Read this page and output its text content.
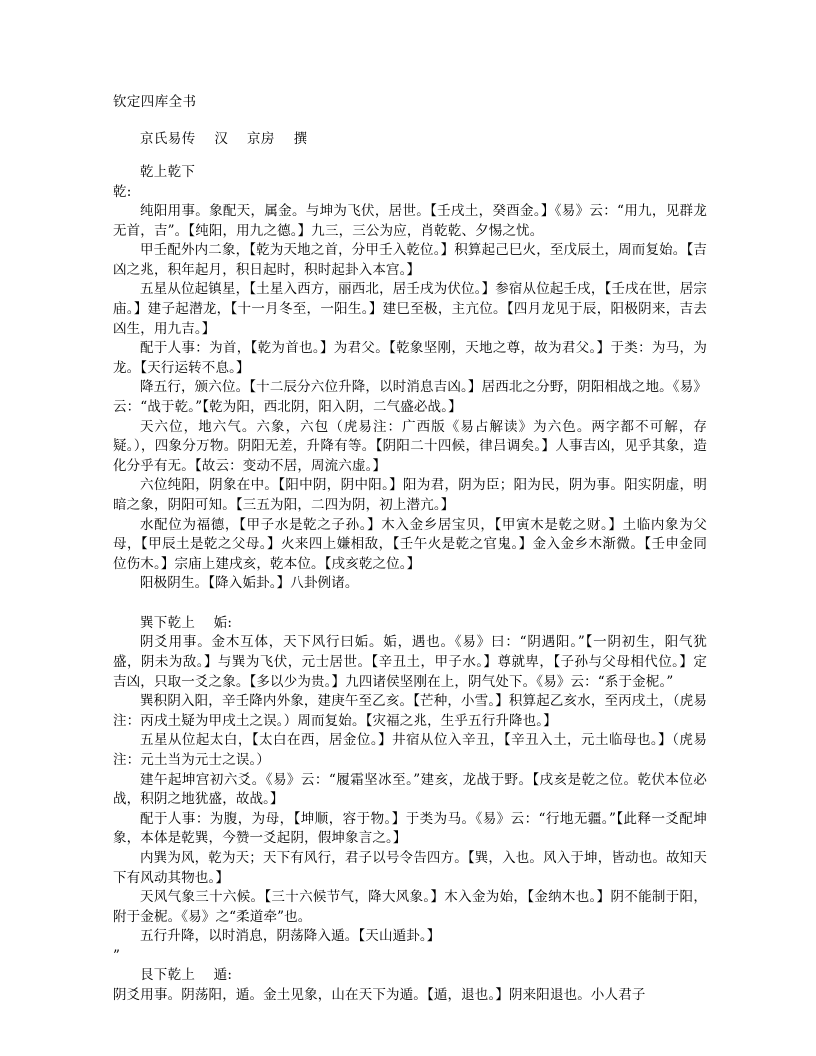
钦定四库全书
京氏易传    汉    京房    撰
乾上乾下
乾:

纯阳用事。象配天，属金。与坤为飞伏，居世。【壬戌土，癸酉金。】《易》云：“用九，见群龙无首，吉”。【纯阳，用九之德。】九三，三公为应，肖乾乾、夕惕之忧。

甲壬配外内二象，【乾为天地之首，分甲壬入乾位。】积算起己巳火，至戊辰土，周而复始。【吉凶之兆，积年起月，积日起时，积时起卦入本宫。】

五星从位起镇星，【土星入西方，丽西北，居壬戌为伏位。】参宿从位起壬戌，【壬戌在世，居宗庙。】建子起潜龙，【十一月冬至，一阳生。】建巳至极，主亢位。【四月龙见于辰，阳极阴来，吉去凶生，用九吉。】

配于人事：为首，【乾为首也。】为君父。【乾象坚刚，天地之尊，故为君父。】于类：为马，为龙。【天行运转不息。】

降五行，颁六位。【十二辰分六位升降，以时消息吉凶。】居西北之分野，阴阳相战之地。《易》云：“战于乾。”【乾为阳，西北阴，阳入阴，二气盛必战。】

天六位，地六气。六象，六包（虎易注：广西版《易占解读》为六色。两字都不可解，存疑。），四象分万物。阴阳无差，升降有等。【阴阳二十四候，律吕调矣。】人事吉凶，见乎其象，造化分乎有无。【故云：变动不居，周流六虚。】

六位纯阳，阴象在中。【阳中阴，阴中阳。】阳为君，阴为臣；阳为民，阴为事。阳实阴虚，明暗之象，阴阳可知。【三五为阳，二四为阴，初上潜亢。】

水配位为福德，【甲子水是乾之子孙。】木入金乡居宝贝，【甲寅木是乾之财。】土临内象为父母，【甲辰土是乾之父母。】火来四上嫌相敌，【壬午火是乾之官鬼。】金入金乡木渐微。【壬申金同位伤木。】宗庙上建戌亥，乾本位。【戌亥乾之位。】

阳极阴生。【降入姤卦。】八卦例诸。

巽下乾上    姤:

阴爻用事。金木互体，天下风行曰姤。姤，遇也。《易》曰：“阴遇阳。”【一阴初生，阳气犹盛，阴未为敌。】与巽为飞伏，元士居世。【辛丑土，甲子水。】尊就卑，【子孙与父母相代位。】定吉凶，只取一爻之象。【多以少为贵。】九四诸侯坚刚在上，阴气处下。《易》云：“系于金柅。”

巽积阴入阳，辛壬降内外象，建庚午至乙亥。【芒种，小雪。】积算起乙亥水，至丙戌土，（虎易注：丙戌土疑为甲戌土之误。）周而复始。【灾福之兆，生乎五行升降也。】

五星从位起太白，【太白在西，居金位。】井宿从位入辛丑，【辛丑入土，元土临母也。】（虎易注：元土当为元士之误。）

建午起坤宫初六爻。《易》云：“履霜坚冰至。”建亥，龙战于野。【戌亥是乾之位。乾伏本位必战，积阴之地犹盛，故战。】

配于人事：为腹，为母，【坤顺，容于物。】于类为马。《易》云：“行地无疆。”【此释一爻配坤象，本体是乾巽，今赞一爻起阴，假坤象言之。】

内巽为风，乾为天；天下有风行，君子以号令告四方。【巽，入也。风入于坤，皆动也。故知天下有风动其物也。】

天风气象三十六候。【三十六候节气，降大风象。】木入金为始，【金纳木也。】阴不能制于阳，附于金柅。《易》之“柔道牵”也。

五行升降，以时消息，阴荡降入遁。【天山遁卦。】

”

艮下乾上    遁:

阴爻用事。阴荡阳，遁。金土见象，山在天下为遁。【遁，退也。】阴来阳退也。小人君子
